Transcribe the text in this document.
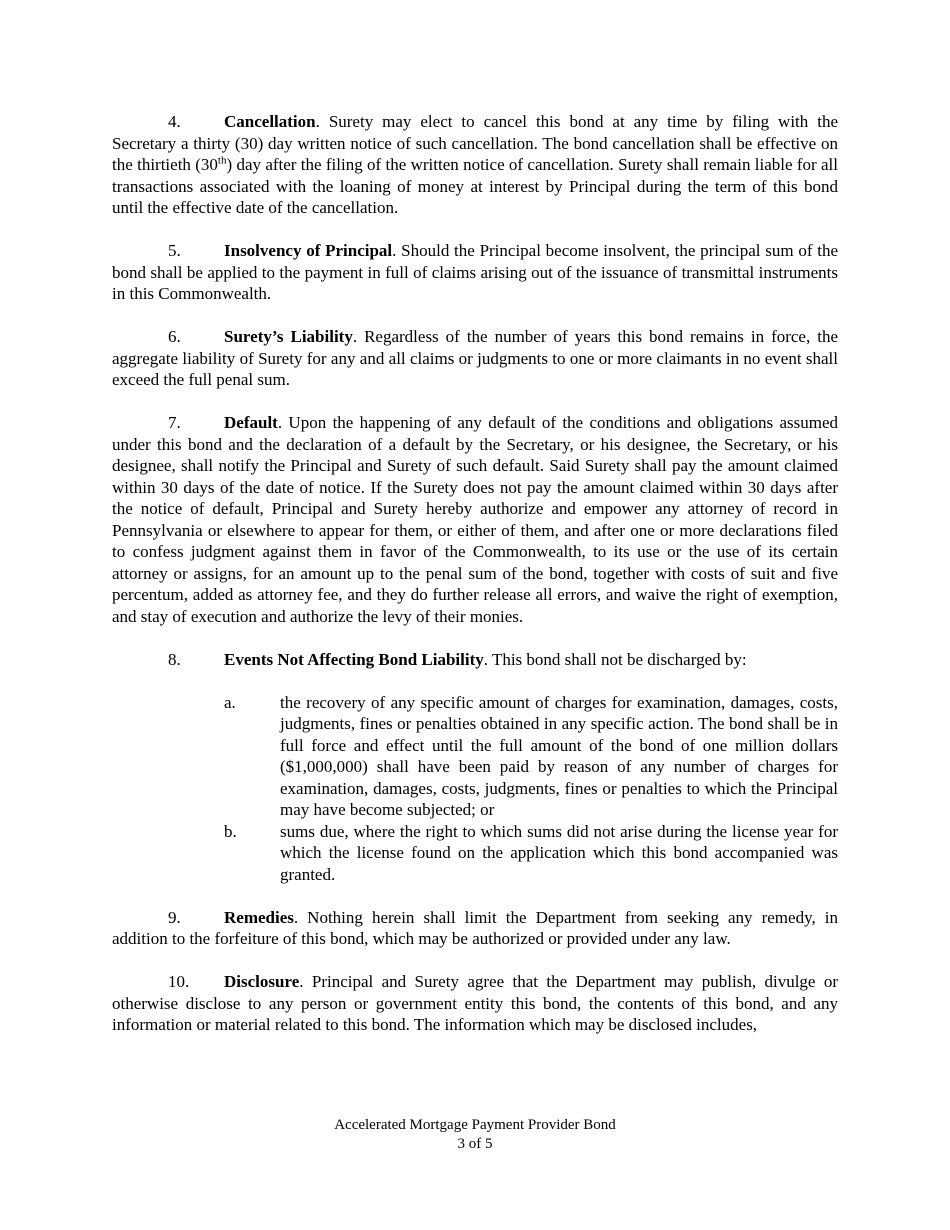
4.	Cancellation. Surety may elect to cancel this bond at any time by filing with the Secretary a thirty (30) day written notice of such cancellation. The bond cancellation shall be effective on the thirtieth (30th) day after the filing of the written notice of cancellation. Surety shall remain liable for all transactions associated with the loaning of money at interest by Principal during the term of this bond until the effective date of the cancellation.

5.	Insolvency of Principal. Should the Principal become insolvent, the principal sum of the bond shall be applied to the payment in full of claims arising out of the issuance of transmittal instruments in this Commonwealth.

6.	Surety’s Liability. Regardless of the number of years this bond remains in force, the aggregate liability of Surety for any and all claims or judgments to one or more claimants in no event shall exceed the full penal sum.

7.	Default. Upon the happening of any default of the conditions and obligations assumed under this bond and the declaration of a default by the Secretary, or his designee, the Secretary, or his designee, shall notify the Principal and Surety of such default. Said Surety shall pay the amount claimed within 30 days of the date of notice. If the Surety does not pay the amount claimed within 30 days after the notice of default, Principal and Surety hereby authorize and empower any attorney of record in Pennsylvania or elsewhere to appear for them, or either of them, and after one or more declarations filed to confess judgment against them in favor of the Commonwealth, to its use or the use of its certain attorney or assigns, for an amount up to the penal sum of the bond, together with costs of suit and five percentum, added as attorney fee, and they do further release all errors, and waive the right of exemption, and stay of execution and authorize the levy of their monies.

8.	Events Not Affecting Bond Liability. This bond shall not be discharged by:

a.	the recovery of any specific amount of charges for examination, damages, costs, judgments, fines or penalties obtained in any specific action. The bond shall be in full force and effect until the full amount of the bond of one million dollars ($1,000,000) shall have been paid by reason of any number of charges for examination, damages, costs, judgments, fines or penalties to which the Principal may have become subjected; or
b.	sums due, where the right to which sums did not arise during the license year for which the license found on the application which this bond accompanied was granted.

9.	Remedies. Nothing herein shall limit the Department from seeking any remedy, in addition to the forfeiture of this bond, which may be authorized or provided under any law.

10. Disclosure. Principal and Surety agree that the Department may publish, divulge or otherwise disclose to any person or government entity this bond, the contents of this bond, and any information or material related to this bond. The information which may be disclosed includes,

Accelerated Mortgage Payment Provider Bond
3 of 5
